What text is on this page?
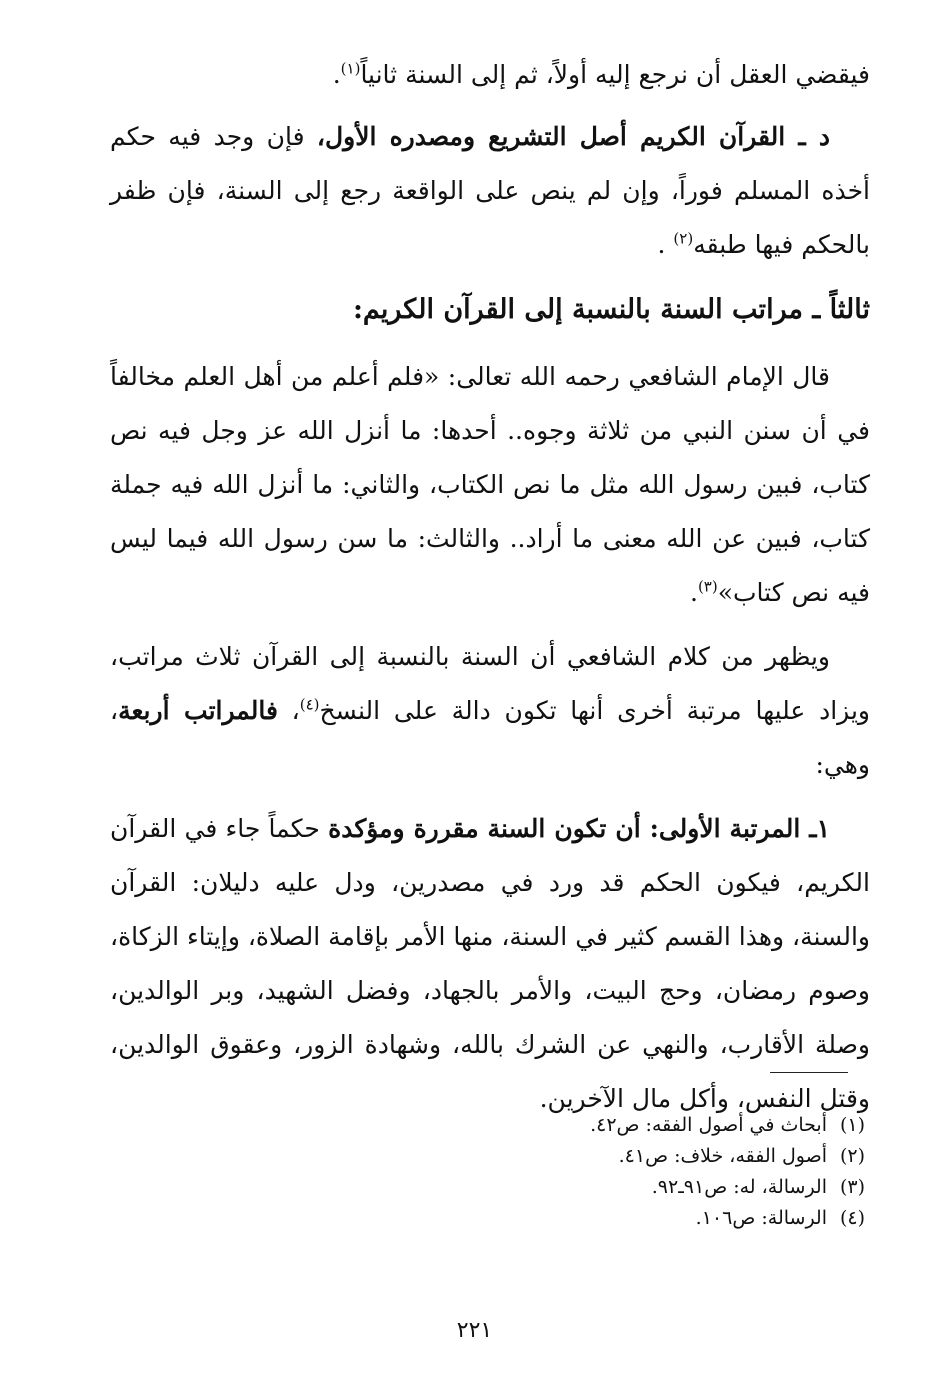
فيقضي العقل أن نرجع إليه أولاً، ثم إلى السنة ثانياً$^{(١)}$.

د ـ القرآن الكريم أصل التشريع ومصدره الأول، فإن وجد فيه حكم أخذه المسلم فوراً، وإن لم ينص على الواقعة رجع إلى السنة، فإن ظفر بالحكم فيها طبقه$^{(٢)}$ .

ثالثاً ـ مراتب السنة بالنسبة إلى القرآن الكريم:

قال الإمام الشافعي رحمه الله تعالى: «فلم أعلم من أهل العلم مخالفاً في أن سنن النبي من ثلاثة وجوه.. أحدها: ما أنزل الله عز وجل فيه نص كتاب، فبين رسول الله مثل ما نص الكتاب، والثاني: ما أنزل الله فيه جملة كتاب، فبين عن الله معنى ما أراد.. والثالث: ما سن رسول الله فيما ليس فيه نص كتاب»$^{(٣)}$.

ويظهر من كلام الشافعي أن السنة بالنسبة إلى القرآن ثلاث مراتب، ويزاد عليها مرتبة أخرى أنها تكون دالة على النسخ$^{(٤)}$، فالمراتب أربعة، وهي:

١ـ المرتبة الأولى: أن تكون السنة مقررة ومؤكدة حكماً جاء في القرآن الكريم، فيكون الحكم قد ورد في مصدرين، ودل عليه دليلان: القرآن والسنة، وهذا القسم كثير في السنة، منها الأمر بإقامة الصلاة، وإيتاء الزكاة، وصوم رمضان، وحج البيت، والأمر بالجهاد، وفضل الشهيد، وبر الوالدين، وصلة الأقارب، والنهي عن الشرك بالله، وشهادة الزور، وعقوق الوالدين، وقتل النفس، وأكل مال الآخرين.

(١)أبحاث في أصول الفقه: ص٤٢.
(٢)أصول الفقه، خلاف: ص٤١.
(٣)الرسالة، له: ص٩١ـ٩٢.
(٤)الرسالة: ص١٠٦.
٢٢١
